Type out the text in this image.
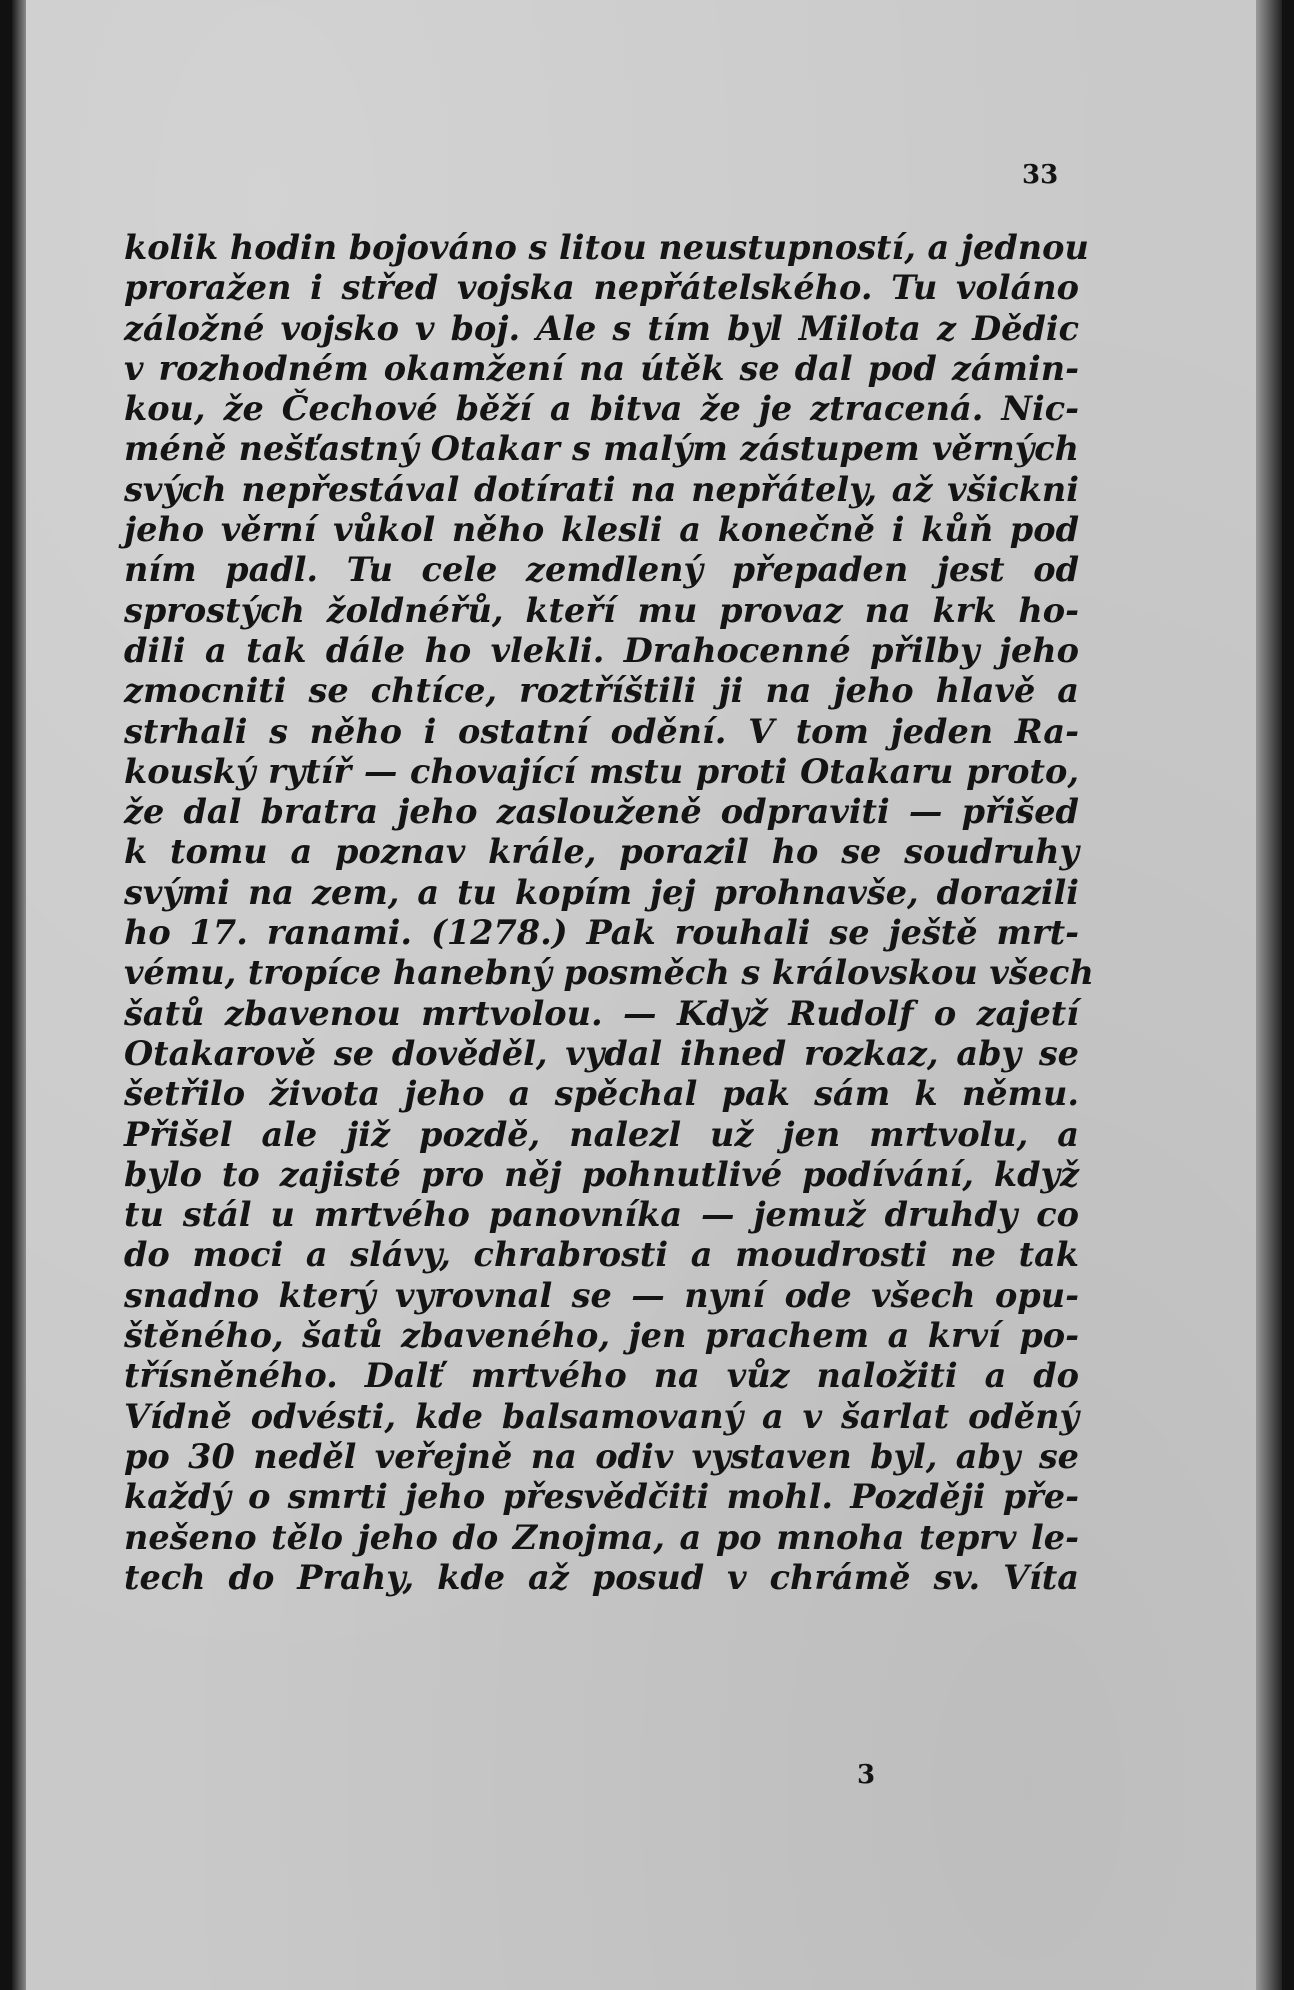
33
kolik hodin bojováno s litou neustupností, a jednou
proražen i střed vojska nepřátelského. Tu voláno
záložné vojsko v boj. Ale s tím byl Milota z Dědic
v rozhodném okamžení na útěk se dal pod zámin-
kou, že Čechové běží a bitva že je ztracená. Nic-
méně nešťastný Otakar s malým zástupem věrných
svých nepřestával dotírati na nepřátely, až všickni
jeho věrní vůkol něho klesli a konečně i kůň pod
ním padl. Tu cele zemdlený přepaden jest od
sprostých žoldnéřů, kteří mu provaz na krk ho-
dili a tak dále ho vlekli. Drahocenné přilby jeho
zmocniti se chtíce, roztříštili ji na jeho hlavě a
strhali s něho i ostatní odění. V tom jeden Ra-
kouský rytíř — chovající mstu proti Otakaru proto,
že dal bratra jeho zaslouženě odpraviti — přišed
k tomu a poznav krále, porazil ho se soudruhy
svými na zem, a tu kopím jej prohnavše, dorazili
ho 17. ranami. (1278.) Pak rouhali se ještě mrt-
vému, tropíce hanebný posměch s královskou všech
šatů zbavenou mrtvolou. — Když Rudolf o zajetí
Otakarově se dověděl, vydal ihned rozkaz, aby se
šetřilo života jeho a spěchal pak sám k němu.
Přišel ale již pozdě, nalezl už jen mrtvolu, a
bylo to zajisté pro něj pohnutlivé podívání, když
tu stál u mrtvého panovníka — jemuž druhdy co
do moci a slávy, chrabrosti a moudrosti ne tak
snadno který vyrovnal se — nyní ode všech opu-
štěného, šatů zbaveného, jen prachem a krví po-
třísněného. Dalť mrtvého na vůz naložiti a do
Vídně odvésti, kde balsamovaný a v šarlat oděný
po 30 neděl veřejně na odiv vystaven byl, aby se
každý o smrti jeho přesvědčiti mohl. Později pře-
nešeno tělo jeho do Znojma, a po mnoha teprv le-
tech do Prahy, kde až posud v chrámě sv. Víta
3
